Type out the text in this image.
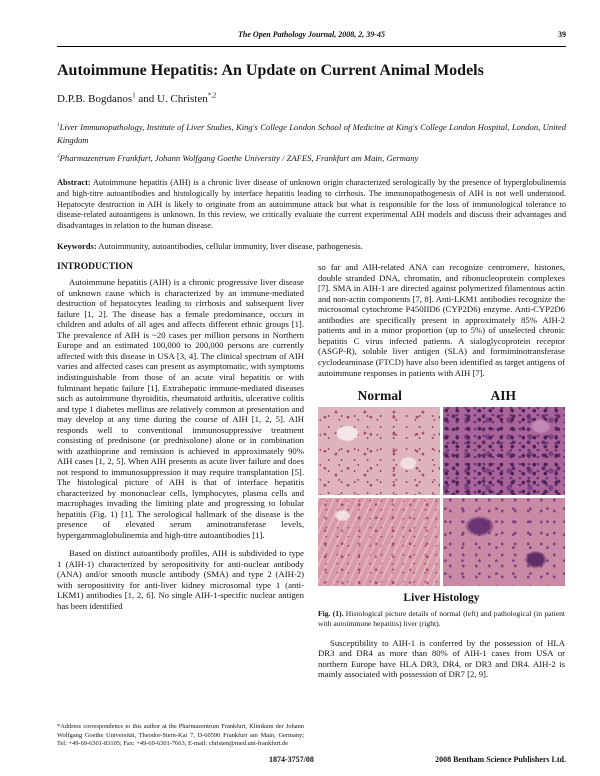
The Open Pathology Journal, 2008, 2, 39-45	39
Autoimmune Hepatitis: An Update on Current Animal Models
D.P.B. Bogdanos$^1$ and U. Christen$^{*,2}$

$^1$Liver Immunopathology, Institute of Liver Studies, King's College London School of Medicine at King's College London Hospital, London, United Kingdom

$^2$Pharmazentrum Frankfurt, Johann Wolfgang Goethe University / ZAFES, Frankfurt am Main, Germany

Abstract: Autoimmune hepatitis (AIH) is a chronic liver disease of unknown origin characterized serologically by the presence of hyperglobulinemia and high-titre autoantibodies and histologically by interface hepatitis leading to cirrhosis. The immunopathogenesis of AIH is not well understood. Hepatocyte destruction in AIH is likely to originate from an autoimmune attack but what is responsible for the loss of immunological tolerance to disease-related autoantigens is unknown. In this review, we critically evaluate the current experimental AIH models and discuss their advantages and disadvantages in relation to the human disease.

Keywords: Autoimmunity, autoantibodies, cellular immunity, liver disease, pathogenesis.

INTRODUCTION

Autoimmune hepatitis (AIH) is a chronic progressive liver disease of unknown cause which is characterized by an immune-mediated destruction of hepatocytes leading to cirrhosis and subsequent liver failure [1, 2]. The disease has a female predominance, occurs in children and adults of all ages and affects different ethnic groups [1]. The prevalence of AIH is ~20 cases per million persons in Northern Europe and an estimated 100,000 to 200,000 persons are currently affected with this disease in USA [3, 4]. The clinical spectrum of AIH varies and affected cases can present as asymptomatic, with symptoms indistinguishable from those of an acute viral hepatitis or with fulminant hepatic failure [1]. Extrahepatic immune-mediated diseases such as autoimmune thyroiditis, rheumatoid arthritis, ulcerative colitis and type 1 diabetes mellitus are relatively common at presentation and may develop at any time during the course of AIH [1, 2, 5]. AIH responds well to conventional immunosuppressive treatment consisting of prednisone (or prednisolone) alone or in combination with azathioprine and remission is achieved in approximately 90% AIH cases [1, 2, 5]. When AIH presents as acute liver failure and does not respond to immunosuppression it may require transplantation [5]. The histological picture of AIH is that of interface hepatitis characterized by mononuclear cells, lymphocytes, plasma cells and macrophages invading the limiting plate and progressing to lobular hepatitis (Fig. 1) [1]. The serological hallmark of the disease is the presence of elevated serum aminotransferase levels, hypergammaglobulinemia and high-titre autoantibodies [1].

Based on distinct autoantibody profiles, AIH is subdivided to type 1 (AIH-1) characterized by seropositivity for anti-nuclear antibody (ANA) and/or smooth muscle antibody (SMA) and type 2 (AIH-2) with seropositivity for anti-liver kidney microsomal type 1 (anti-LKM1) antibodies [1, 2, 6]. No single AIH-1-specific nuclear antigen has been identified

*Address correspondence to this author at the Pharmazentrum Frankfurt, Klinikum der Johann Wolfgang Goethe Universität, Theodor-Stern-Kai 7, D-60590 Frankfurt am Main, Germany; Tel: +49-69-6301-83105; Fax: +49-69-6301-7663; E-mail: christen@med.uni-frankfurt.de

so far and AIH-related ANA can recognize centromere, histones, double stranded DNA, chromatin, and ribonucleoprotein complexes [7]. SMA in AIH-1 are directed against polymerized filamentous actin and non-actin components [7, 8]. Anti-LKM1 antibodies recognize the microsomal cytochrome P450IID6 (CYP2D6) enzyme. Anti-CYP2D6 antibodies are specifically present in approximately 85% AIH-2 patients and in a minor proportion (up to 5%) of unselected chronic hepatitis C virus infected patients. A sialoglycoprotein receptor (ASGP-R), soluble liver antigen (SLA) and formiminotransferase cyclodeaminase (FTCD) have also been identified as target antigens of autoimmune responses in patients with AIH [7].

Normal	AIH
Liver Histology
Fig. (1). Histological picture details of normal (left) and pathological (in patient with autoimmune hepatitis) liver (right).

Susceptibility to AIH-1 is conferred by the possession of HLA DR3 and DR4 as more than 80% of AIH-1 cases from USA or northern Europe have HLA DR3, DR4, or DR3 and DR4. AIH-2 is mainly associated with possession of DR7 [2, 9].

1874-3757/08	2008 Bentham Science Publishers Ltd.
